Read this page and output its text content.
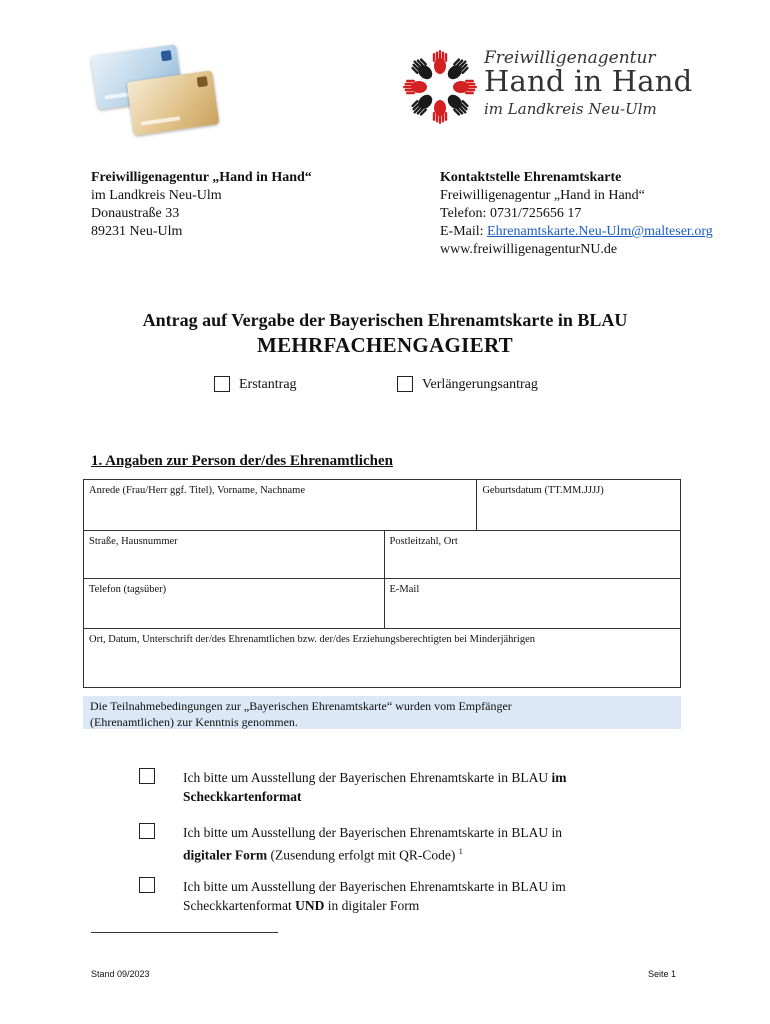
Freiwilligenagentur
Hand in Hand
im Landkreis Neu-Ulm
Freiwilligenagentur „Hand in Hand“
im Landkreis Neu-Ulm
Donaustraße 33
89231 Neu-Ulm
Kontaktstelle Ehrenamtskarte
Freiwilligenagentur „Hand in Hand“
Telefon: 0731/725656 17
E-Mail: Ehrenamtskarte.Neu-Ulm@malteser.org
www.freiwilligenagenturNU.de
Antrag auf Vergabe der Bayerischen Ehrenamtskarte in BLAU
MEHRFACHENGAGIERT
Erstantrag	Verlängerungsantrag
1. Angaben zur Person der/des Ehrenamtlichen
Anrede (Frau/Herr ggf. Titel), Vorname, Nachname	Geburtsdatum (TT.MM.JJJJ)
Straße, Hausnummer	Postleitzahl, Ort
Telefon (tagsüber)	E-Mail
Ort, Datum, Unterschrift der/des Ehrenamtlichen bzw. der/des Erziehungsberechtigten bei Minderjährigen
Die Teilnahmebedingungen zur „Bayerischen Ehrenamtskarte“ wurden vom Empfänger
(Ehrenamtlichen) zur Kenntnis genommen.
Ich bitte um Ausstellung der Bayerischen Ehrenamtskarte in BLAU im
Scheckkartenformat
Ich bitte um Ausstellung der Bayerischen Ehrenamtskarte in BLAU in
digitaler Form (Zusendung erfolgt mit QR-Code) $^1$
Ich bitte um Ausstellung der Bayerischen Ehrenamtskarte in BLAU im Scheckkartenformat UND in digitaler Form
Stand 09/2023	Seite 1
